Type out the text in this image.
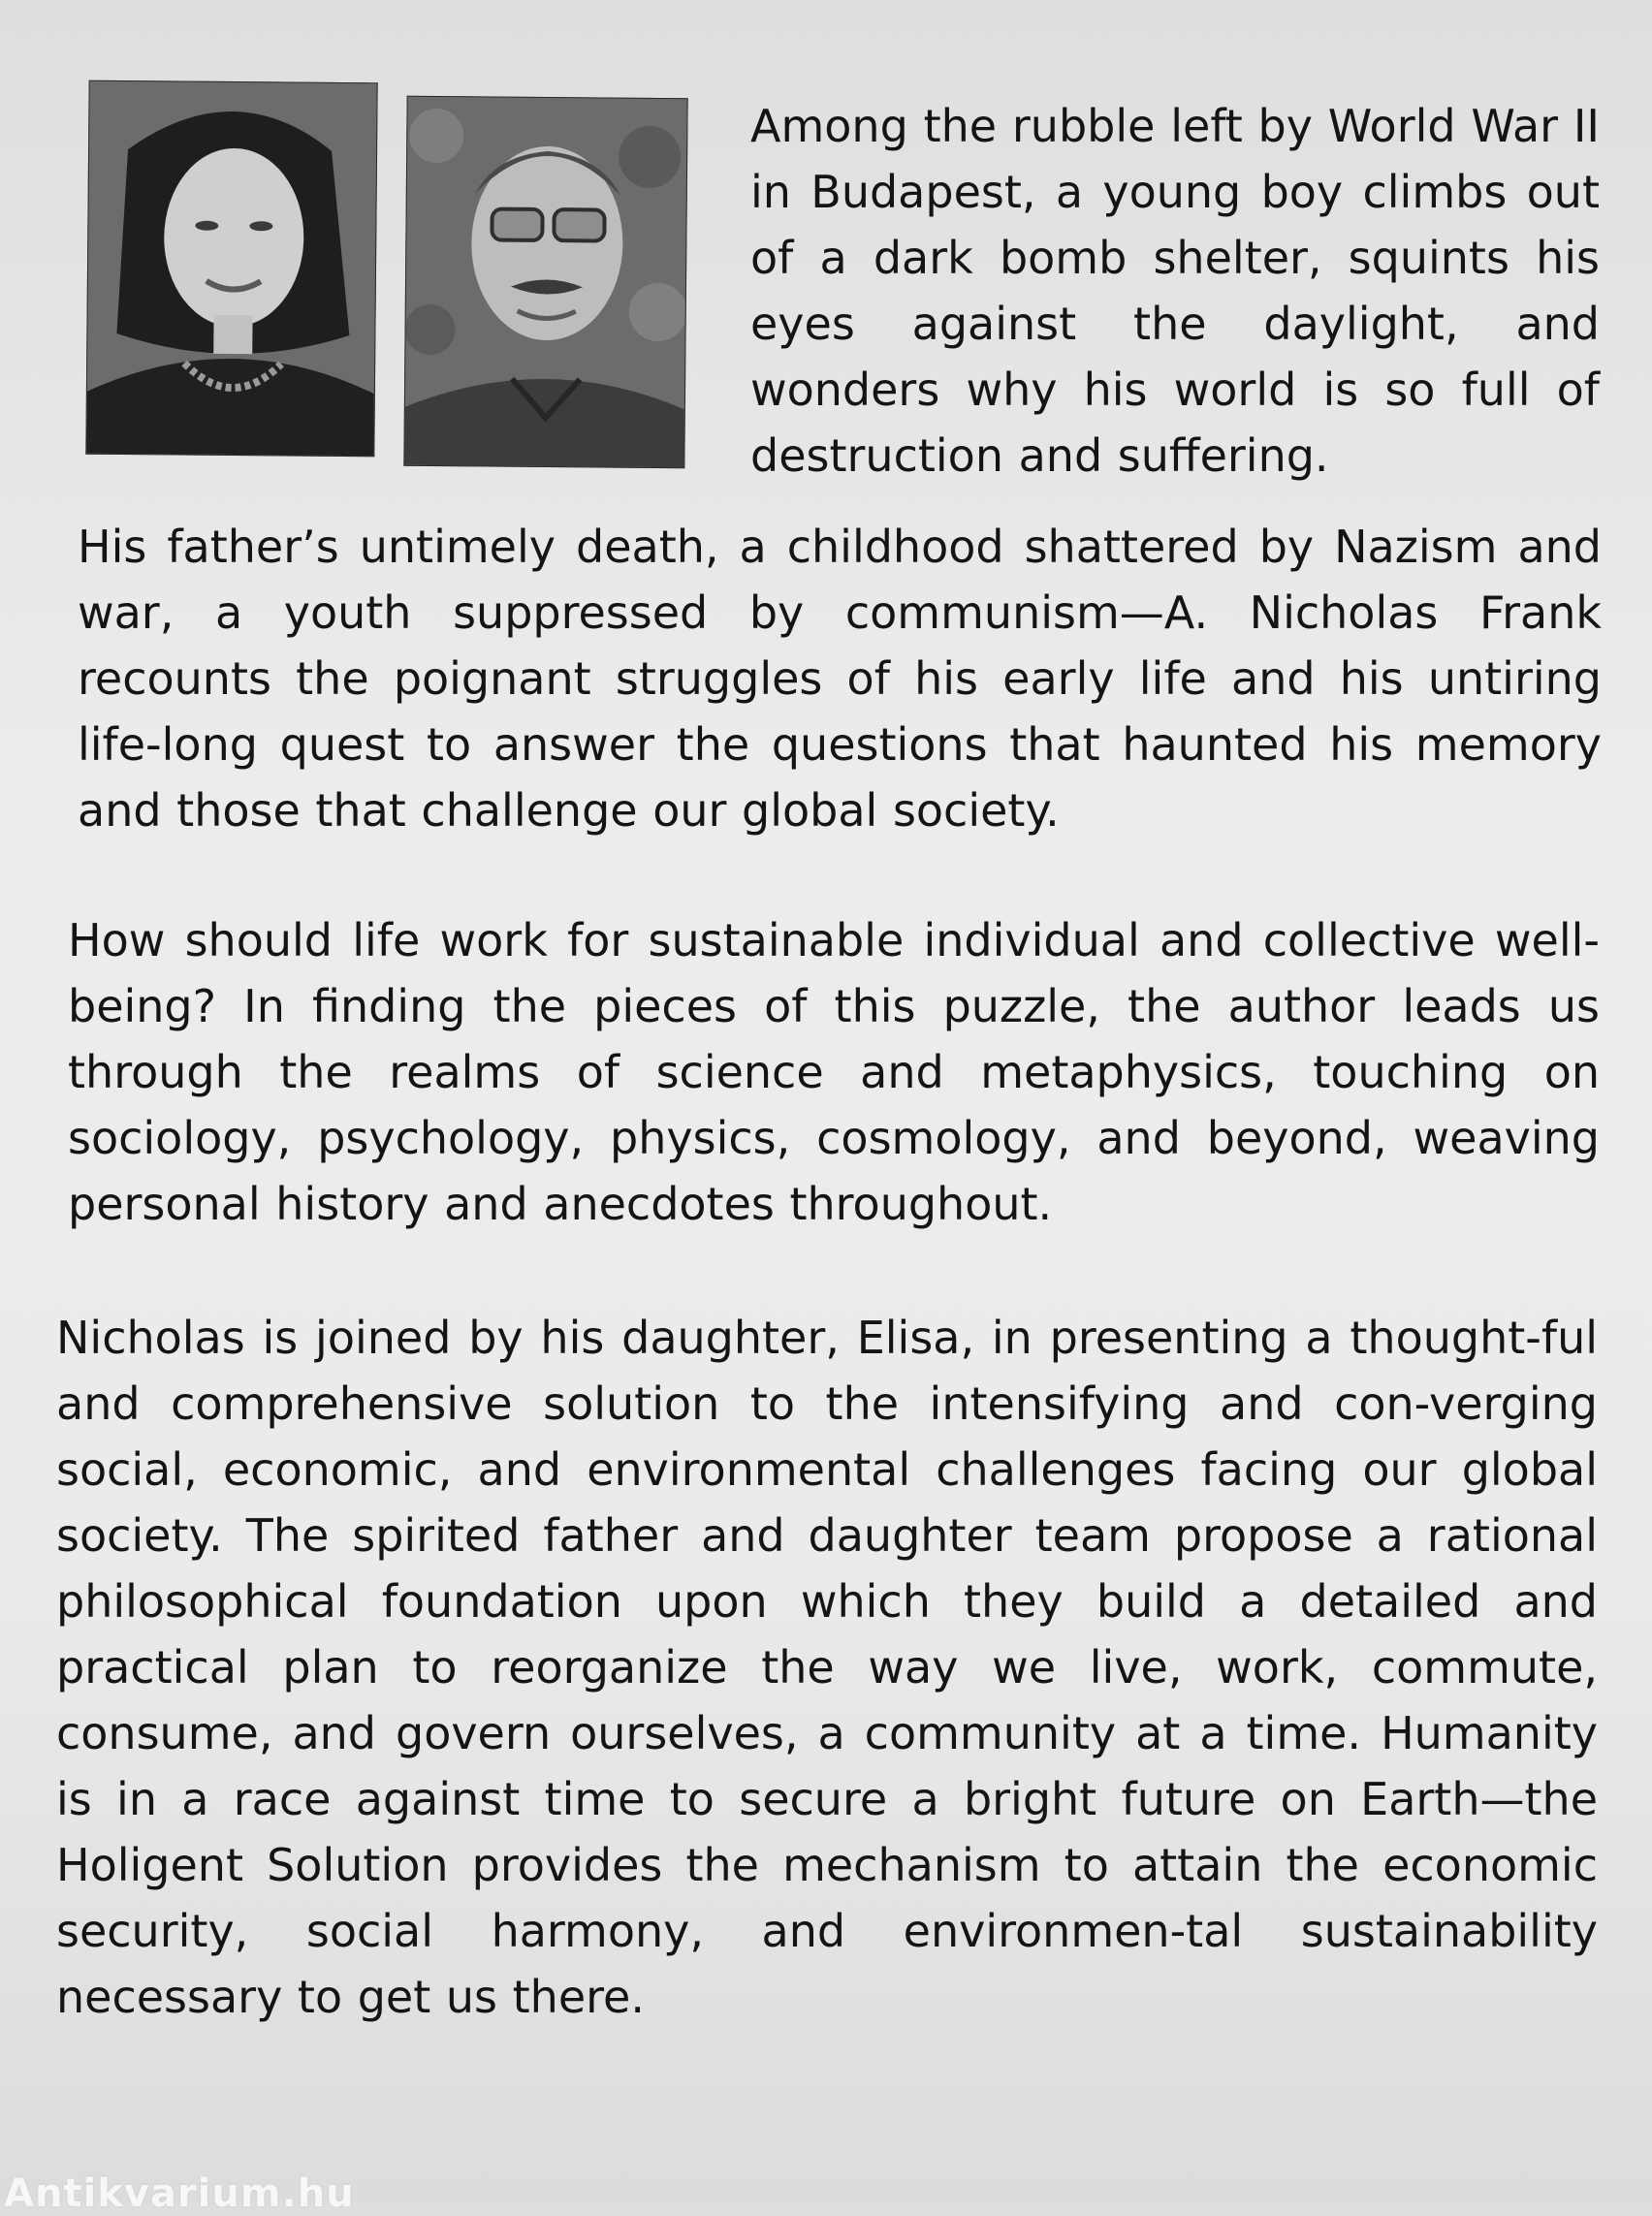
Among the rubble left by World War II in Budapest, a young boy climbs out of a dark bomb shelter, squints his eyes against the daylight, and wonders why his world is so full of destruction and suffering.

His father’s untimely death, a childhood shattered by Nazism and war, a youth suppressed by communism—A. Nicholas Frank recounts the poignant struggles of his early life and his untiring life-long quest to answer the questions that haunted his memory and those that challenge our global society.

How should life work for sustainable individual and collective well-being? In finding the pieces of this puzzle, the author leads us through the realms of science and metaphysics, touching on sociology, psychology, physics, cosmology, and beyond, weaving personal history and anecdotes throughout.

Nicholas is joined by his daughter, Elisa, in presenting a thought-ful and comprehensive solution to the intensifying and con-verging social, economic, and environmental challenges facing our global society. The spirited father and daughter team propose a rational philosophical foundation upon which they build a detailed and practical plan to reorganize the way we live, work, commute, consume, and govern ourselves, a community at a time. Humanity is in a race against time to secure a bright future on Earth—the Holigent Solution provides the mechanism to attain the economic security, social harmony, and environmen-tal sustainability necessary to get us there.

Antikvarium.hu
